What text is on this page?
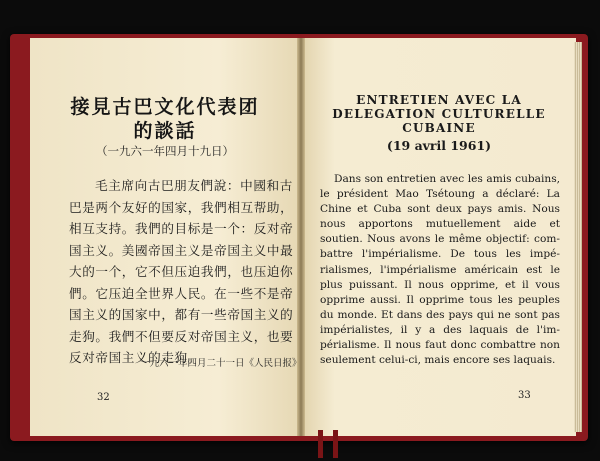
接見古巴文化代表团
的談話
（一九六一年四月十九日）
毛主席向古巴朋友們說：中國和古
巴是两个友好的国家，我們相互帮助，
相互支持。我們的目标是一个：反对帝
国主义。美國帝国主义是帝国主义中最
大的一个，它不但压迫我們，也压迫你
們。它压迫全世界人民。在一些不是帝
国主义的国家中，都有一些帝国主义的
走狗。我們不但要反对帝国主义，也要
反对帝国主义的走狗。
一九六一年四月二十一日《人民日报》
32
ENTRETIEN AVEC LA
DELEGATION CULTURELLE
CUBAINE
(19 avril 1961)
Dans son entretien avec les amis cubains,
le président Mao Tsétoung a déclaré: La
Chine et Cuba sont deux pays amis. Nous
nous apportons mutuellement aide et
soutien. Nous avons le même objectif: com-
battre l'impérialisme. De tous les impé-
rialismes, l'impérialisme américain est le
plus puissant. Il nous opprime, et il vous
opprime aussi. Il opprime tous les peuples
du monde. Et dans des pays qui ne sont pas
impérialistes, il y a des laquais de l'im-
périalisme. Il nous faut donc combattre non
seulement celui-ci, mais encore ses laquais.
33
